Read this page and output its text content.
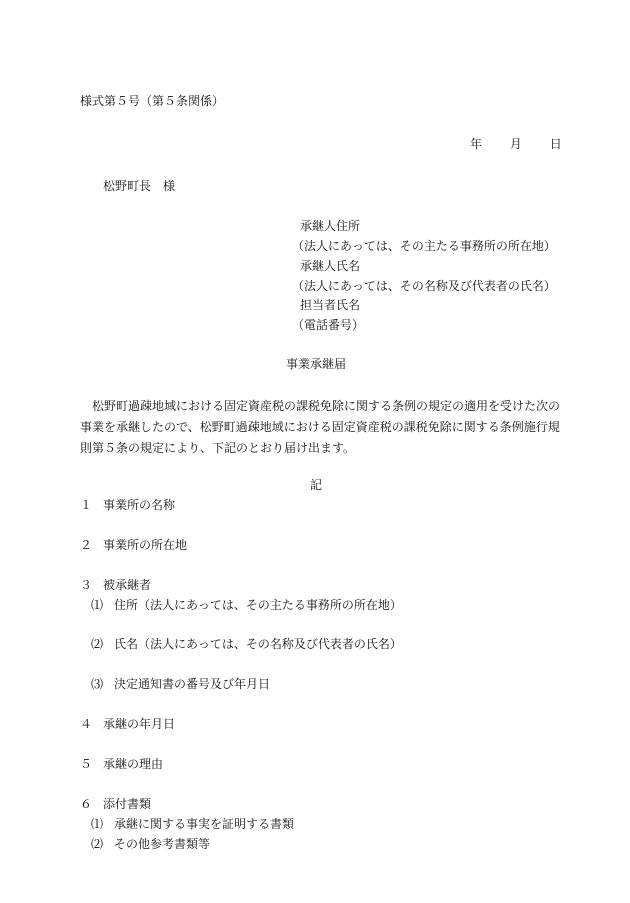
様式第５号（第５条関係）
年 月 日
松野町長　様
承継人住所
（法人にあっては、その主たる事務所の所在地）
承継人氏名
（法人にあっては、その名称及び代表者の氏名）
担当者氏名
（電話番号）
事業承継届
松野町過疎地域における固定資産税の課税免除に関する条例の規定の適用を受けた次の
事業を承継したので、松野町過疎地域における固定資産税の課税免除に関する条例施行規
則第５条の規定により、下記のとおり届け出ます。
記
１ 事業所の名称
２ 事業所の所在地
３ 被承継者
⑴ 住所（法人にあっては、その主たる事務所の所在地）
⑵ 氏名（法人にあっては、その名称及び代表者の氏名）
⑶ 決定通知書の番号及び年月日
４ 承継の年月日
５ 承継の理由
６ 添付書類
⑴ 承継に関する事実を証明する書類
⑵ その他参考書類等
